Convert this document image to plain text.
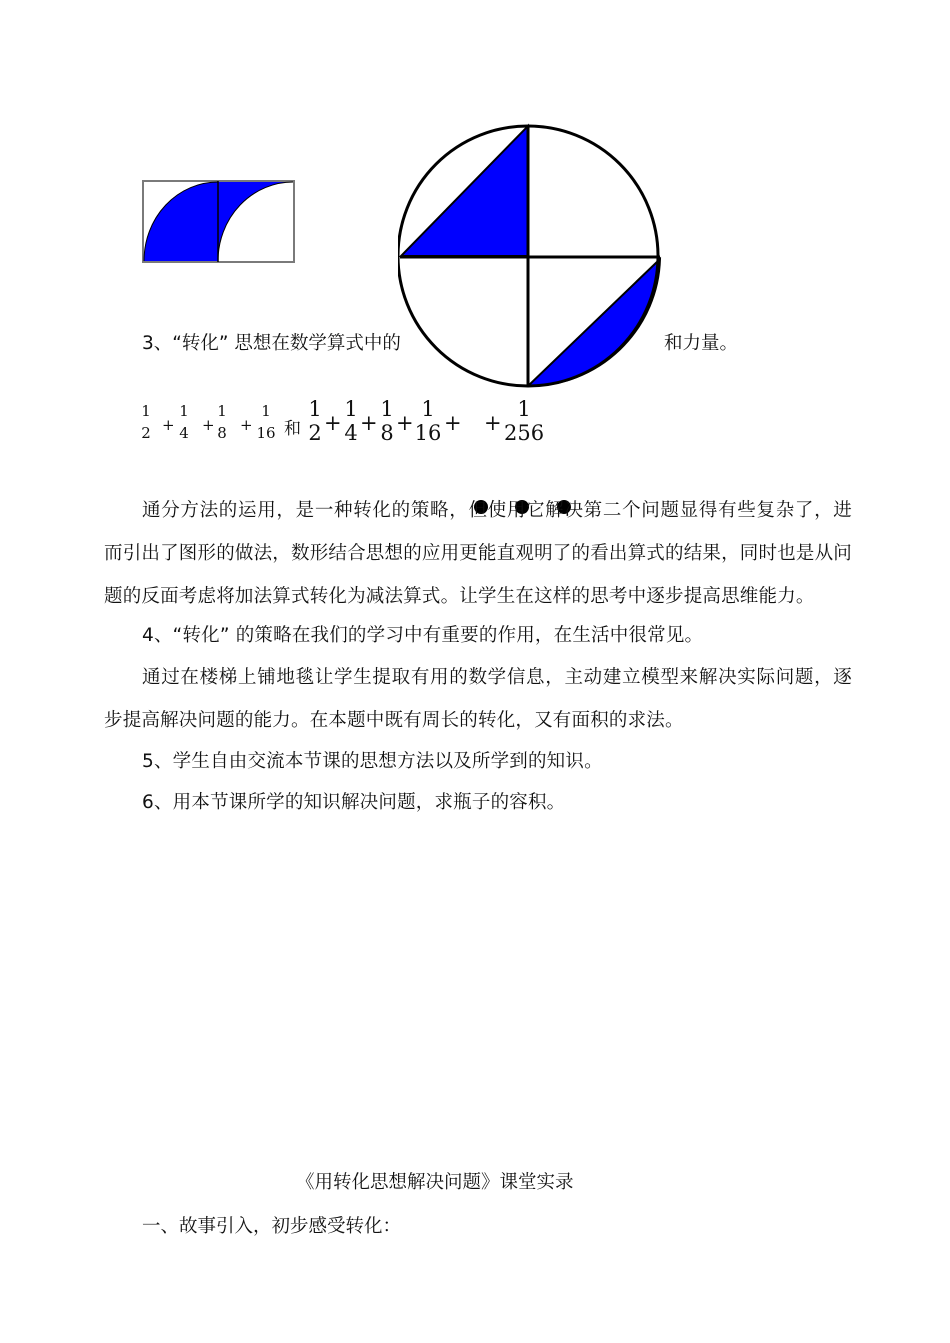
3、“转化” 思想在数学算式中的	和力量。
1
2 +
1
4 +
1
8 +
1
16 和
1
2 +
1
4 +
1
8 +
1
16 + +
1
256

通分方法的运用，是一种转化的策略，但使用它解决第二个问题显得有些复杂了，进而引出了图形的做法，数形结合思想的应用更能直观明了的看出算式的结果，同时也是从问题的反面考虑将加法算式转化为减法算式。让学生在这样的思考中逐步提高思维能力。

4、“转化” 的策略在我们的学习中有重要的作用，在生活中很常见。

通过在楼梯上铺地毯让学生提取有用的数学信息，主动建立模型来解决实际问题，逐步提高解决问题的能力。在本题中既有周长的转化，又有面积的求法。

5、学生自由交流本节课的思想方法以及所学到的知识。

6、用本节课所学的知识解决问题，求瓶子的容积。

《用转化思想解决问题》课堂实录
一、故事引入，初步感受转化：
